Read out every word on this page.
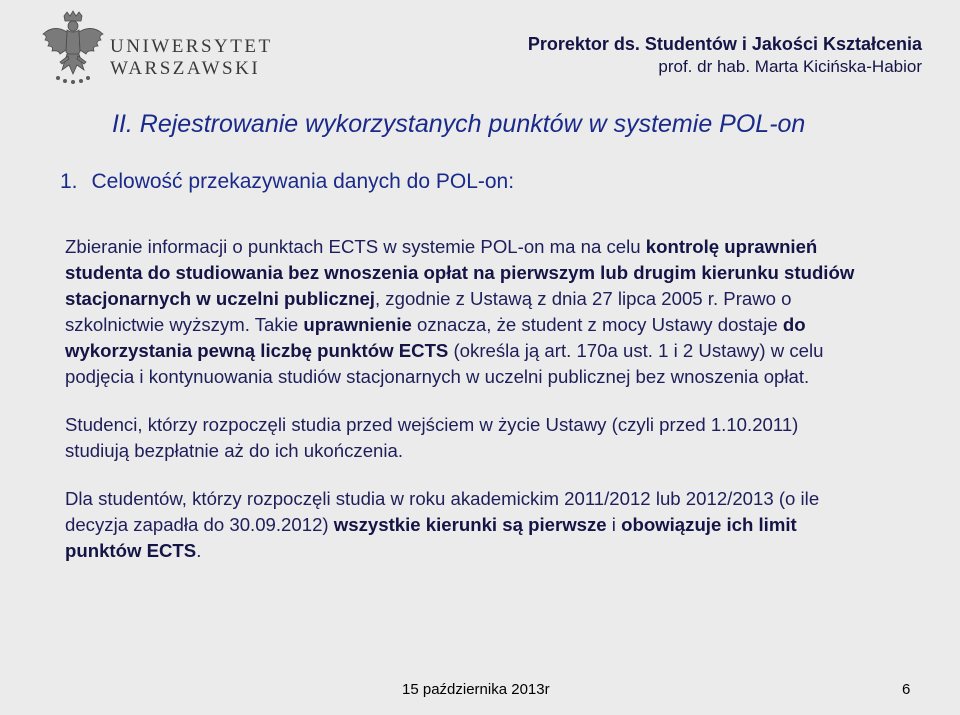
UNIWERSYTET
WARSZAWSKI
Prorektor ds. Studentów i Jakości Kształcenia
prof. dr hab. Marta Kicińska-Habior
II. Rejestrowanie wykorzystanych punktów w systemie POL-on
1. Celowość przekazywania danych do POL-on:

Zbieranie informacji o punktach ECTS w systemie POL-on ma na celu kontrolę uprawnień studenta do studiowania bez wnoszenia opłat na pierwszym lub drugim kierunku studiów stacjonarnych w uczelni publicznej, zgodnie z Ustawą z dnia 27 lipca 2005 r. Prawo o szkolnictwie wyższym. Takie uprawnienie oznacza, że student z mocy Ustawy dostaje do wykorzystania pewną liczbę punktów ECTS (określa ją art. 170a ust. 1 i 2 Ustawy) w celu podjęcia i kontynuowania studiów stacjonarnych w uczelni publicznej bez wnoszenia opłat.

Studenci, którzy rozpoczęli studia przed wejściem w życie Ustawy (czyli przed 1.10.2011) studiują bezpłatnie aż do ich ukończenia.

Dla studentów, którzy rozpoczęli studia w roku akademickim 2011/2012 lub 2012/2013 (o ile decyzja zapadła do 30.09.2012) wszystkie kierunki są pierwsze i obowiązuje ich limit punktów ECTS.

15 października 2013r	6
